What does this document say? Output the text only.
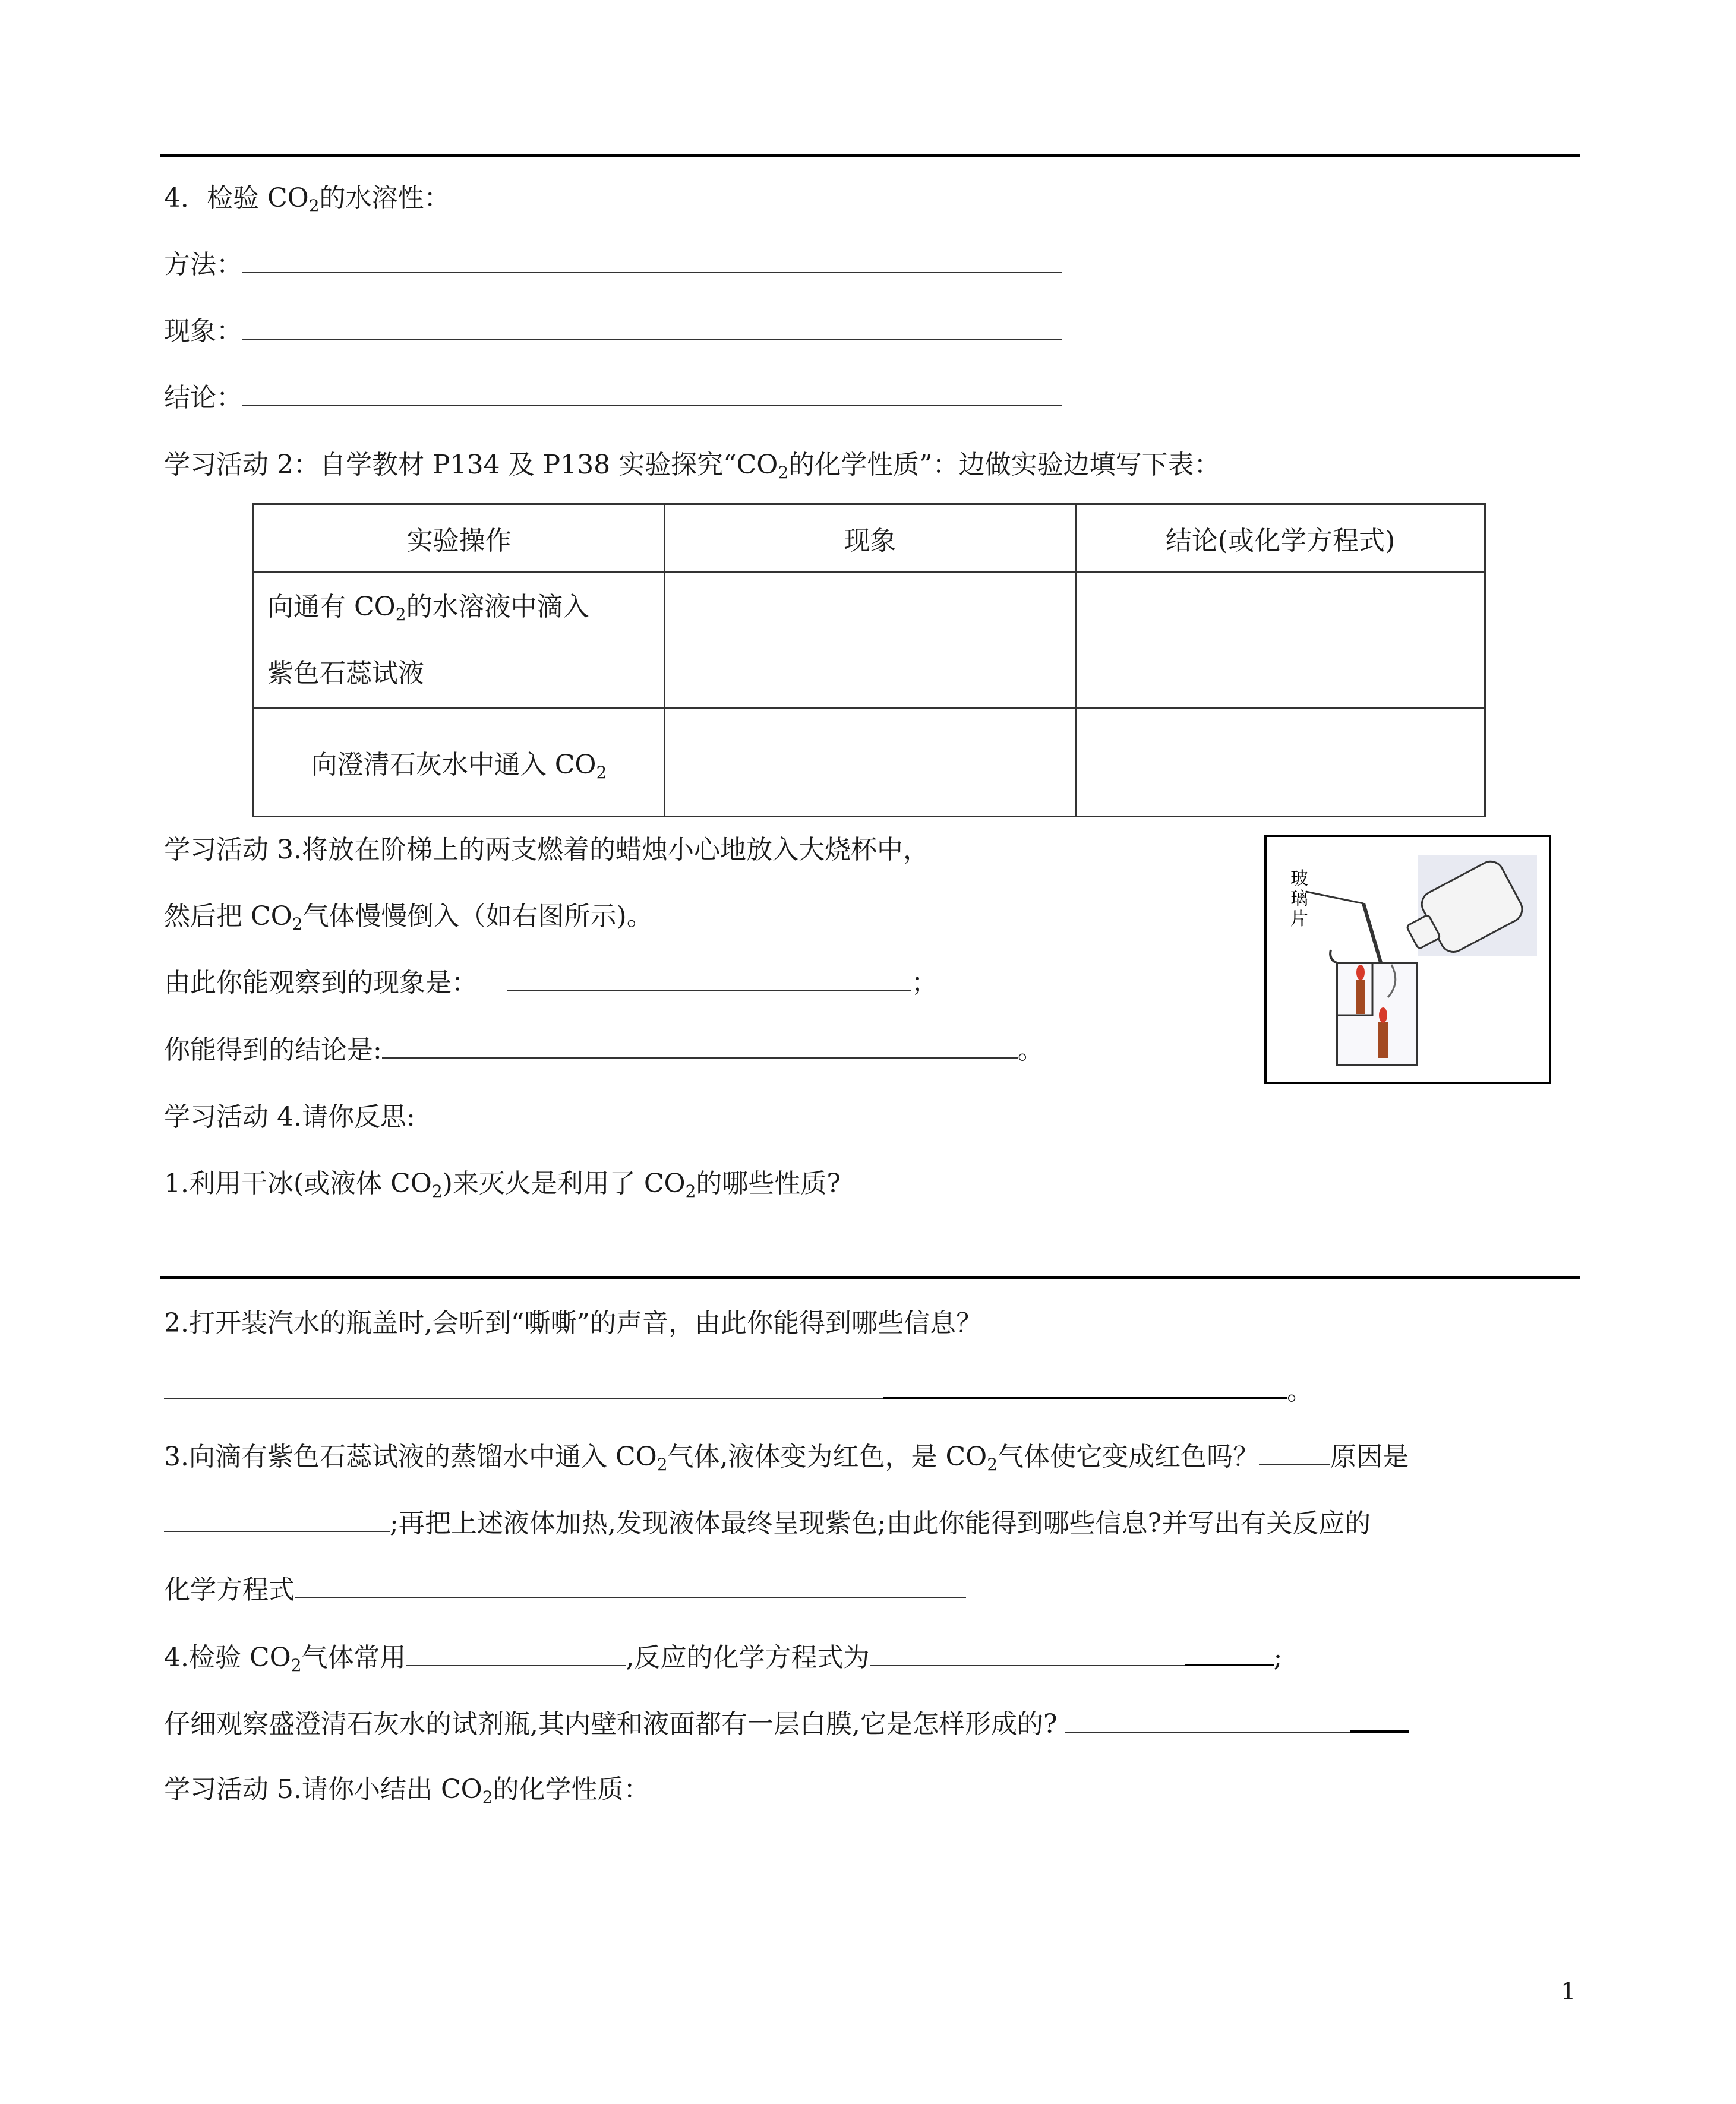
4．检验 $CO_2$的水溶性：
方法：
现象：
结论：
学习活动 2：自学教材 P134 及 P138 实验探究“$CO_2$的化学性质”：边做实验边填写下表：
实验操作	现象	结论(或化学方程式)

向通有 $CO_2$的水溶液中滴入
紫色石蕊试液		

向澄清石灰水中通入 $CO_2$		
学习活动 3.将放在阶梯上的两支燃着的蜡烛小心地放入大烧杯中，
然后把 $CO_2$气体慢慢倒入（如右图所示)。
由此你能观察到的现象是：	；
你能得到的结论是:	。
玻
璃
片
学习活动 4.请你反思:
1.利用干冰(或液体 $CO_2$)来灭火是利用了 $CO_2$的哪些性质?
2.打开装汽水的瓶盖时,会听到“嘶嘶”的声音，由此你能得到哪些信息？
。
3.向滴有紫色石蕊试液的蒸馏水中通入 $CO_2$气体,液体变为红色，是 $CO_2$气体使它变成红色吗？	原因是
;再把上述液体加热,发现液体最终呈现紫色;由此你能得到哪些信息?并写出有关反应的
化学方程式
4.检验 $CO_2$气体常用	,反应的化学方程式为	;
仔细观察盛澄清石灰水的试剂瓶,其内壁和液面都有一层白膜,它是怎样形成的?
学习活动 5.请你小结出 $CO_2$的化学性质：
1
